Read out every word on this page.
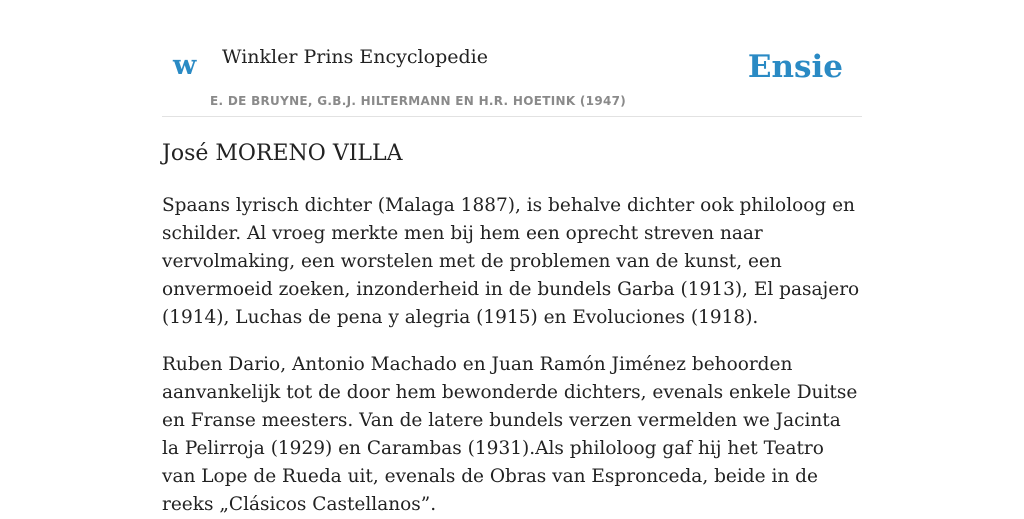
w Winkler Prins Encyclopedie
E. DE BRUYNE, G.B.J. HILTERMANN EN H.R. HOETINK (1947)
Ensie
José MORENO VILLA

Spaans lyrisch dichter (Malaga 1887), is behalve dichter ook philoloog en schilder. Al vroeg merkte men bij hem een oprecht streven naar vervolmaking, een worstelen met de problemen van de kunst, een onvermoeid zoeken, inzonderheid in de bundels Garba (1913), El pasajero (1914), Luchas de pena y alegria (1915) en Evoluciones (1918).

Ruben Dario, Antonio Machado en Juan Ramón Jiménez behoorden aanvankelijk tot de door hem bewonderde dichters, evenals enkele Duitse en Franse meesters. Van de latere bundels verzen vermelden we Jacinta la Pelirroja (1929) en Carambas (1931).Als philoloog gaf hij het Teatro van Lope de Rueda uit, evenals de Obras van Espronceda, beide in de reeks „Clásicos Castellanos”.
